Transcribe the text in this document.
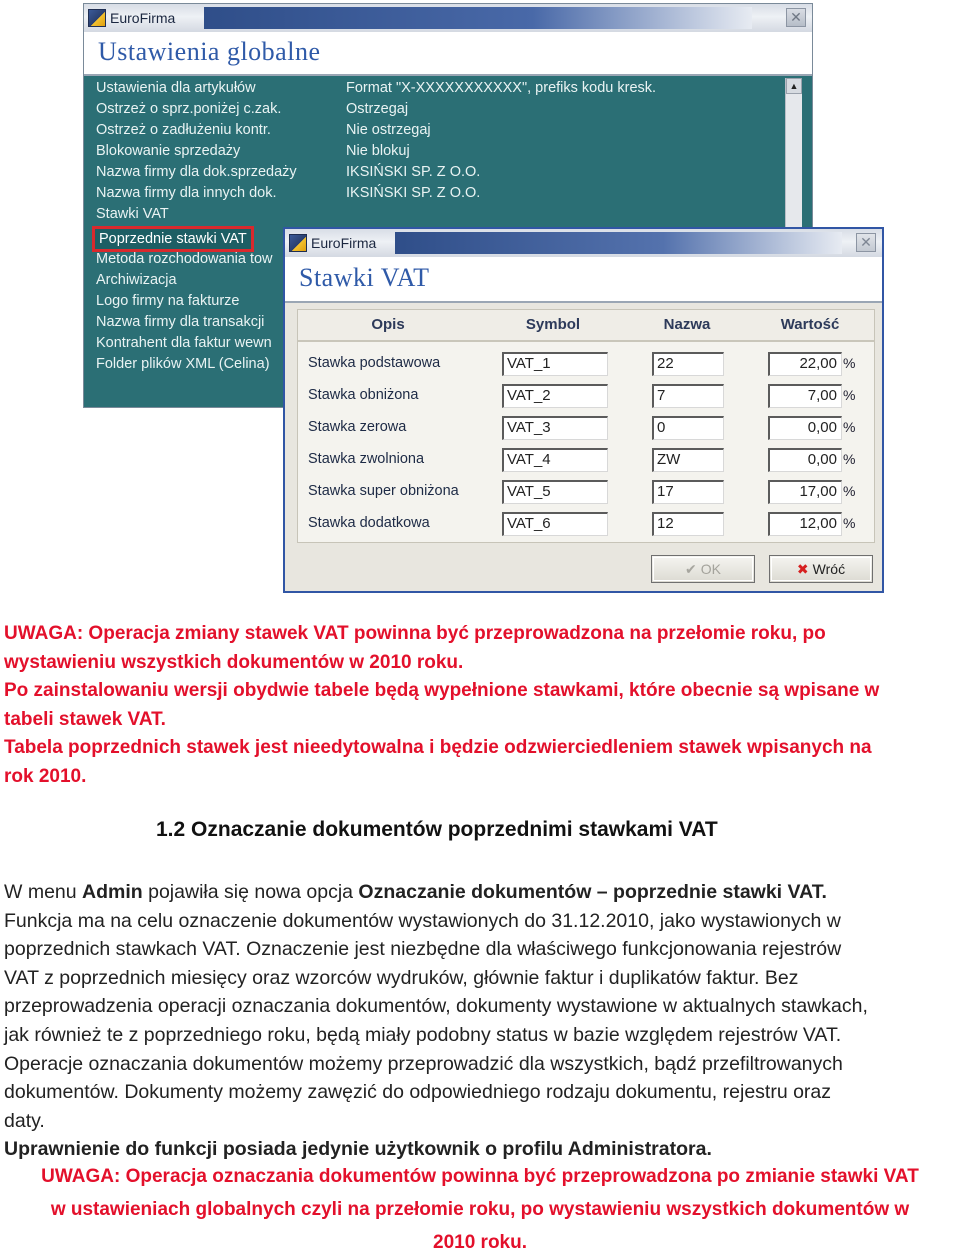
EuroFirma	✕
Ustawienia globalne
Ustawienia dla artykułów	Format "X-XXXXXXXXXXX", prefiks kodu kresk.
Ostrzeż o sprz.poniżej c.zak.	Ostrzegaj
Ostrzeż o zadłużeniu kontr.	Nie ostrzegaj
Blokowanie sprzedaży	Nie blokuj
Nazwa firmy dla dok.sprzedaży	IKSIŃSKI SP. Z O.O.
Nazwa firmy dla innych dok.	IKSIŃSKI SP. Z O.O.
Stawki VAT
Poprzednie stawki VAT
Metoda rozchodowania tow
Archiwizacja
Logo firmy na fakturze
Nazwa firmy dla transakcji
Kontrahent dla faktur wewn
Folder plików XML (Celina)
▲
EuroFirma	✕
Stawki VAT
Opis	Symbol	Nazwa	Wartość
Stawka podstawowa	VAT_1	22	22,00 %
Stawka obniżona	VAT_2	7	7,00 %
Stawka zerowa	VAT_3	0	0,00 %
Stawka zwolniona	VAT_4	ZW	0,00 %
Stawka super obniżona	VAT_5	17	17,00 %
Stawka dodatkowa	VAT_6	12	12,00 %
✔ OK	✖ Wróć
UWAGA: Operacja zmiany stawek VAT powinna być przeprowadzona na przełomie roku, po
wystawieniu wszystkich dokumentów w 2010 roku.
Po zainstalowaniu wersji obydwie tabele będą wypełnione stawkami, które obecnie są wpisane w
tabeli stawek VAT.
Tabela poprzednich stawek jest nieedytowalna i będzie odzwierciedleniem stawek wpisanych na
rok 2010.
1.2 Oznaczanie dokumentów poprzednimi stawkami VAT
W menu Admin pojawiła się nowa opcja Oznaczanie dokumentów – poprzednie stawki VAT.
Funkcja ma na celu oznaczenie dokumentów wystawionych do 31.12.2010, jako wystawionych w
poprzednich stawkach VAT. Oznaczenie jest niezbędne dla właściwego funkcjonowania rejestrów
VAT z poprzednich miesięcy oraz wzorców wydruków, głównie faktur i duplikatów faktur. Bez
przeprowadzenia operacji oznaczania dokumentów, dokumenty wystawione w aktualnych stawkach,
jak również te z poprzedniego roku, będą miały podobny status w bazie względem rejestrów VAT.
Operacje oznaczania dokumentów możemy przeprowadzić dla wszystkich, bądź przefiltrowanych
dokumentów. Dokumenty możemy zawęzić do odpowiedniego rodzaju dokumentu, rejestru oraz
daty.
Uprawnienie do funkcji posiada jedynie użytkownik o profilu Administratora.
UWAGA: Operacja oznaczania dokumentów powinna być przeprowadzona po zmianie stawki VAT
w ustawieniach globalnych czyli na przełomie roku, po wystawieniu wszystkich dokumentów w
2010 roku.
